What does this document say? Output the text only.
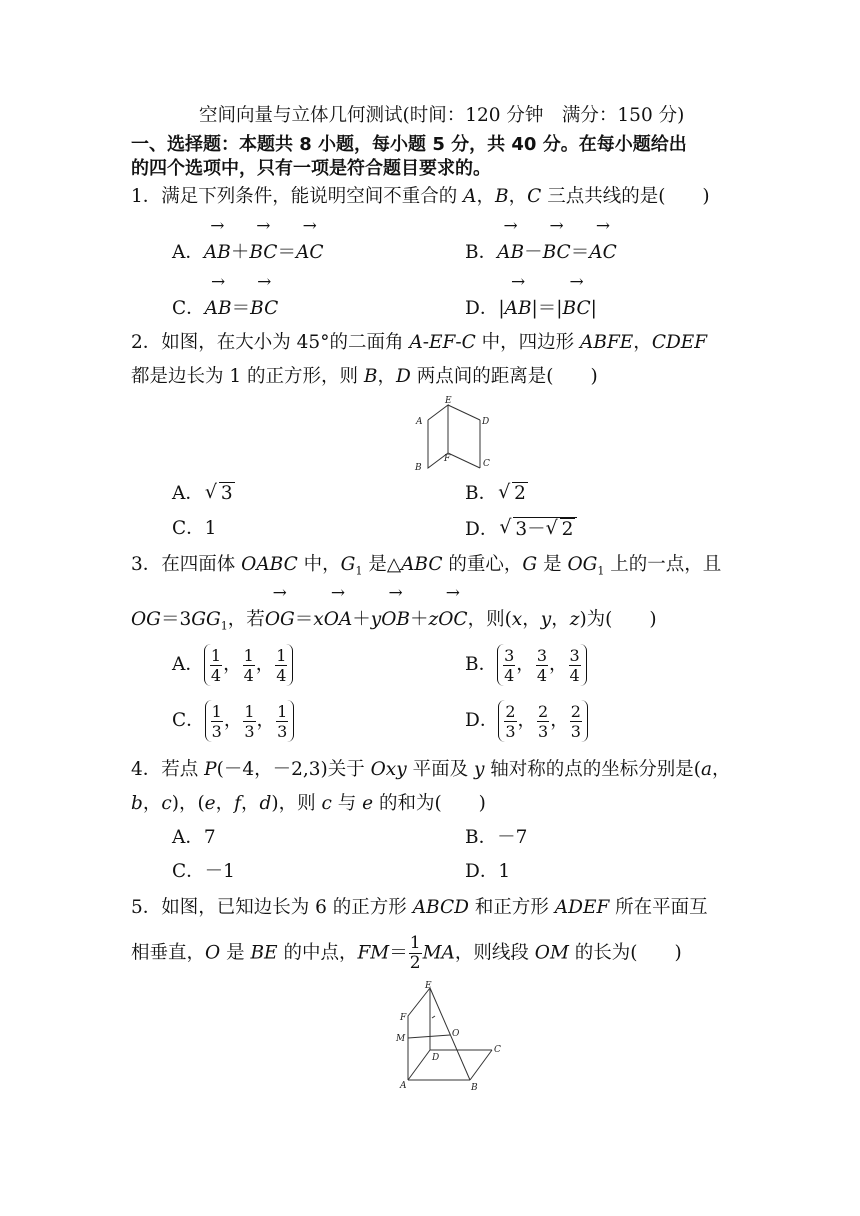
空间向量与立体几何测试(时间：120 分钟　满分：150 分)
一、选择题：本题共 8 小题，每小题 5 分，共 40 分。在每小题给出
的四个选项中，只有一项是符合题目要求的。
1．满足下列条件，能说明空间不重合的 A，B，C 三点共线的是(　　)
A．→ AB＋→ BC＝→ AC	B．→ AB－→ BC＝→ AC
C．→ AB＝→ BC	D．|→ AB|＝|→ BC|
2．如图，在大小为 45°的二面角 A-EF-C 中，四边形 ABFE，CDEF
都是边长为 1 的正方形，则 B，D 两点间的距离是(　　)
A
B	C
D
E
F
A． √ 3	B． √ 2
C．1	D． √ 3－ √ 2
3．在四面体 OABC 中，$G_1$ 是△ABC 的重心，G 是 $OG_1$ 上的一点，且
$OG=3GG_1$，若→ OG＝x→ OA＋y→ OB＋z→ OC，则(x，y，z)为(　　)
A． $\frac{1}{4}$ ， $\frac{1}{4}$ ， $\frac{1}{4}$	B． $\frac{3}{4}$ ， $\frac{3}{4}$ ， $\frac{3}{4}$
C． $\frac{1}{3}$ ， $\frac{1}{3}$ ， $\frac{1}{3}$	D． $\frac{2}{3}$ ， $\frac{2}{3}$ ， $\frac{2}{3}$
4．若点 P(－4，－2,3)关于 Oxy 平面及 y 轴对称的点的坐标分别是(a，
b，c)，(e，f，d)，则 c 与 e 的和为(　　)
A．7	B．－7
C．－1	D．1
5．如图，已知边长为 6 的正方形 ABCD 和正方形 ADEF 所在平面互
相垂直，O 是 BE 的中点，$FM= \frac{1}{2}$ MA，则线段 OM 的长为(　　)
E
F
O
M
D
C
A	B
